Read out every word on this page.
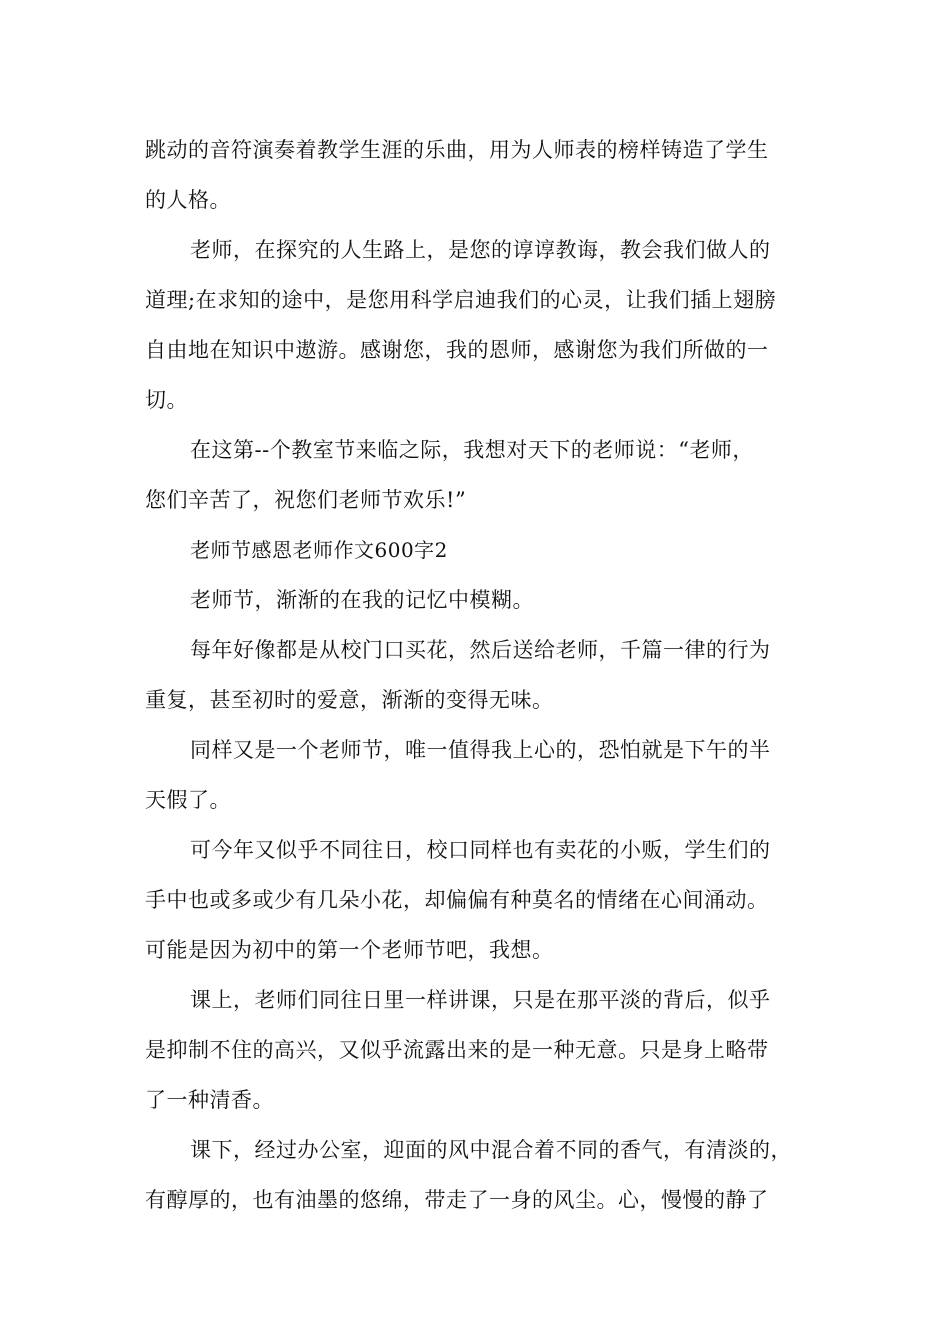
跳动的音符演奏着教学生涯的乐曲，用为人师表的榜样铸造了学生

的人格。

老师，在探究的人生路上，是您的谆谆教诲，教会我们做人的

道理;在求知的途中，是您用科学启迪我们的心灵，让我们插上翅膀

自由地在知识中遨游。感谢您，我的恩师，感谢您为我们所做的一

切。

在这第--个教室节来临之际，我想对天下的老师说：“老师，

您们辛苦了，祝您们老师节欢乐!”

老师节感恩老师作文600字2

老师节，渐渐的在我的记忆中模糊。

每年好像都是从校门口买花，然后送给老师，千篇一律的行为

重复，甚至初时的爱意，渐渐的变得无味。

同样又是一个老师节，唯一值得我上心的，恐怕就是下午的半

天假了。

可今年又似乎不同往日，校口同样也有卖花的小贩，学生们的

手中也或多或少有几朵小花，却偏偏有种莫名的情绪在心间涌动。

可能是因为初中的第一个老师节吧，我想。

课上，老师们同往日里一样讲课，只是在那平淡的背后，似乎

是抑制不住的高兴，又似乎流露出来的是一种无意。只是身上略带

了一种清香。

课下，经过办公室，迎面的风中混合着不同的香气，有清淡的，

有醇厚的，也有油墨的悠绵，带走了一身的风尘。心，慢慢的静了
